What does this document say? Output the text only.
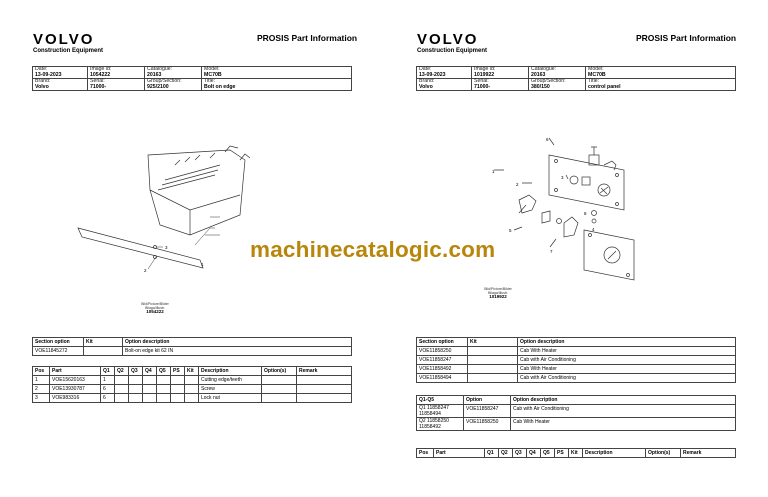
VOLVO
Construction Equipment
PROSIS Part Information
Date:
13-09-2023	Image id:
1054222	Catalogue:
20163	Model:
MC70B

Brand:
Volvo	Serial:
71000-	Group/Section:
925/2100	Title:
Bolt on edge
3
2
1
Bild/Picture/Bilder
Bilaga/Illustr.
1054222
Section option	Kit	Option description
VOE11845272		Bolt-on edge kit 62 IN
Pos	Part	Q1	Q2	Q3	Q4	Q5	PS	Kit	Description	Option(s)	Remark
1	VOE15620163	1							Cutting edge/teeth		
2	VOE13930787	6							Screw		
3	VOE983316	6							Lock nut		
VOLVO
Construction Equipment
PROSIS Part Information
Date:
13-09-2023	Image id:
1019922	Catalogue:
20163	Model:
MC70B

Brand:
Volvo	Serial:
71000-	Group/Section:
380/150	Title:
control panel
1
2
3
4
5
6
7
8
Bild/Picture/Bilder
Bilaga/Illustr.
1019922
Section option	Kit	Option description
VOE11858250		Cab With Heater
VOE11858247		Cab with Air Conditioning
VOE11858492		Cab With Heater
VOE11858494		Cab with Air Conditioning
Q1-Q5	Option	Option description

Q1 11858247
11858494	VOE11858247	Cab with Air Conditioning

Q2 11858250
11858492	VOE11858250	Cab With Heater
Pos	Part	Q1	Q2	Q3	Q4	Q5	PS	Kit	Description	Option(s)	Remark
machinecatalogic.com
